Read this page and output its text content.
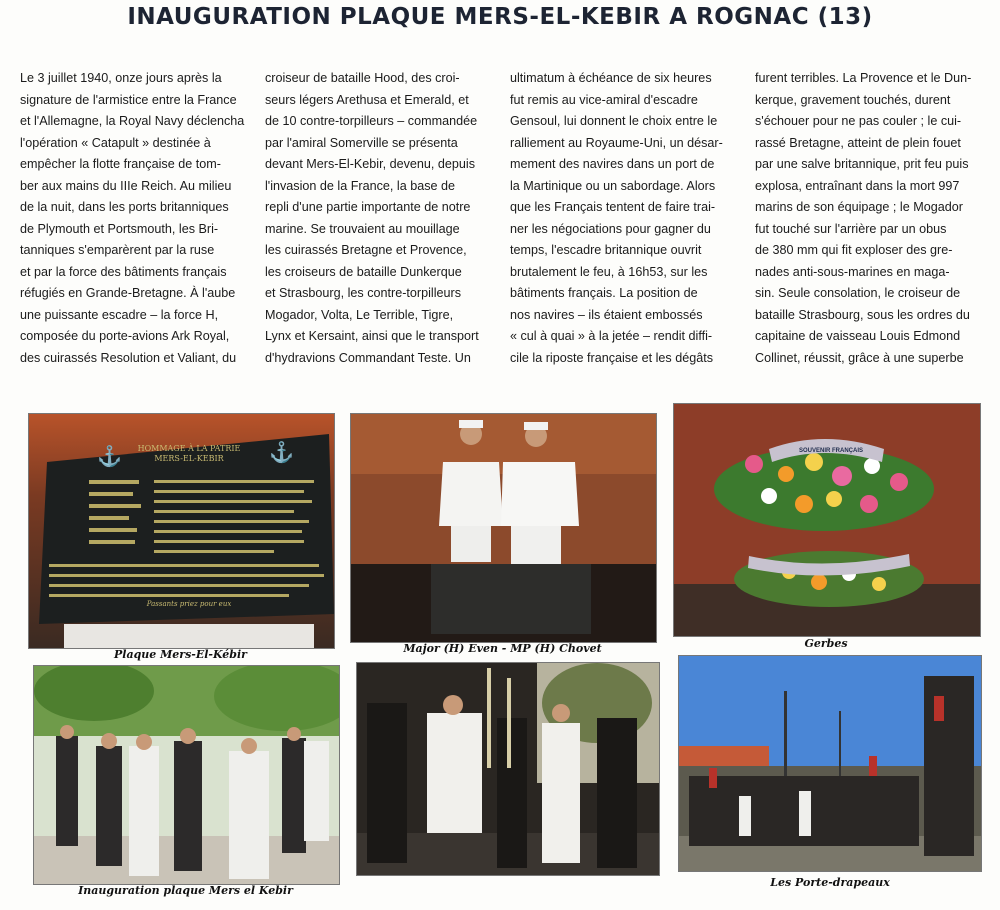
INAUGURATION PLAQUE MERS-EL-KEBIR A ROGNAC (13)
Le 3 juillet 1940, onze jours après la
signature de l'armistice entre la France
et l'Allemagne, la Royal Navy déclencha
l'opération « Catapult » destinée à
empêcher la flotte française de tom-
ber aux mains du IIIe Reich. Au milieu
de la nuit, dans les ports britanniques
de Plymouth et Portsmouth, les Bri-
tanniques s'emparèrent par la ruse
et par la force des bâtiments français
réfugiés en Grande-Bretagne. À l'aube
une puissante escadre – la force H,
composée du porte-avions Ark Royal,
des cuirassés Resolution et Valiant, du
croiseur de bataille Hood, des croi-
seurs légers Arethusa et Emerald, et
de 10 contre-torpilleurs – commandée
par l'amiral Somerville se présenta
devant Mers-El-Kebir, devenu, depuis
l'invasion de la France, la base de
repli d'une partie importante de notre
marine. Se trouvaient au mouillage
les cuirassés Bretagne et Provence,
les croiseurs de bataille Dunkerque
et Strasbourg, les contre-torpilleurs
Mogador, Volta, Le Terrible, Tigre,
Lynx et Kersaint, ainsi que le transport
d'hydravions Commandant Teste. Un
ultimatum à échéance de six heures
fut remis au vice-amiral d'escadre
Gensoul, lui donnent le choix entre le
ralliement au Royaume-Uni, un désar-
mement des navires dans un port de
la Martinique ou un sabordage. Alors
que les Français tentent de faire trai-
ner les négociations pour gagner du
temps, l'escadre britannique ouvrit
brutalement le feu, à 16h53, sur les
bâtiments français. La position de
nos navires – ils étaient embossés
« cul à quai » à la jetée – rendit diffi-
cile la riposte française et les dégâts
furent terribles. La Provence et le Dun-
kerque, gravement touchés, durent
s'échouer pour ne pas couler ; le cui-
rassé Bretagne, atteint de plein fouet
par une salve britannique, prit feu puis
explosa, entraînant dans la mort 997
marins de son équipage ; le Mogador
fut touché sur l'arrière par un obus
de 380 mm qui fit exploser des gre-
nades anti-sous-marines en maga-
sin. Seule consolation, le croiseur de
bataille Strasbourg, sous les ordres du
capitaine de vaisseau Louis Edmond
Collinet, réussit, grâce à une superbe
HOMMAGE À LA PATRIE
MERS-EL-KEBIR
Passants priez pour eux
⚓	⚓
Plaque Mers-El-Kébir	Major (H) Even - MP (H) Chovet
SOUVENIR FRANÇAIS
Gerbes
Inauguration plaque Mers el Kebir
Les Porte-drapeaux
